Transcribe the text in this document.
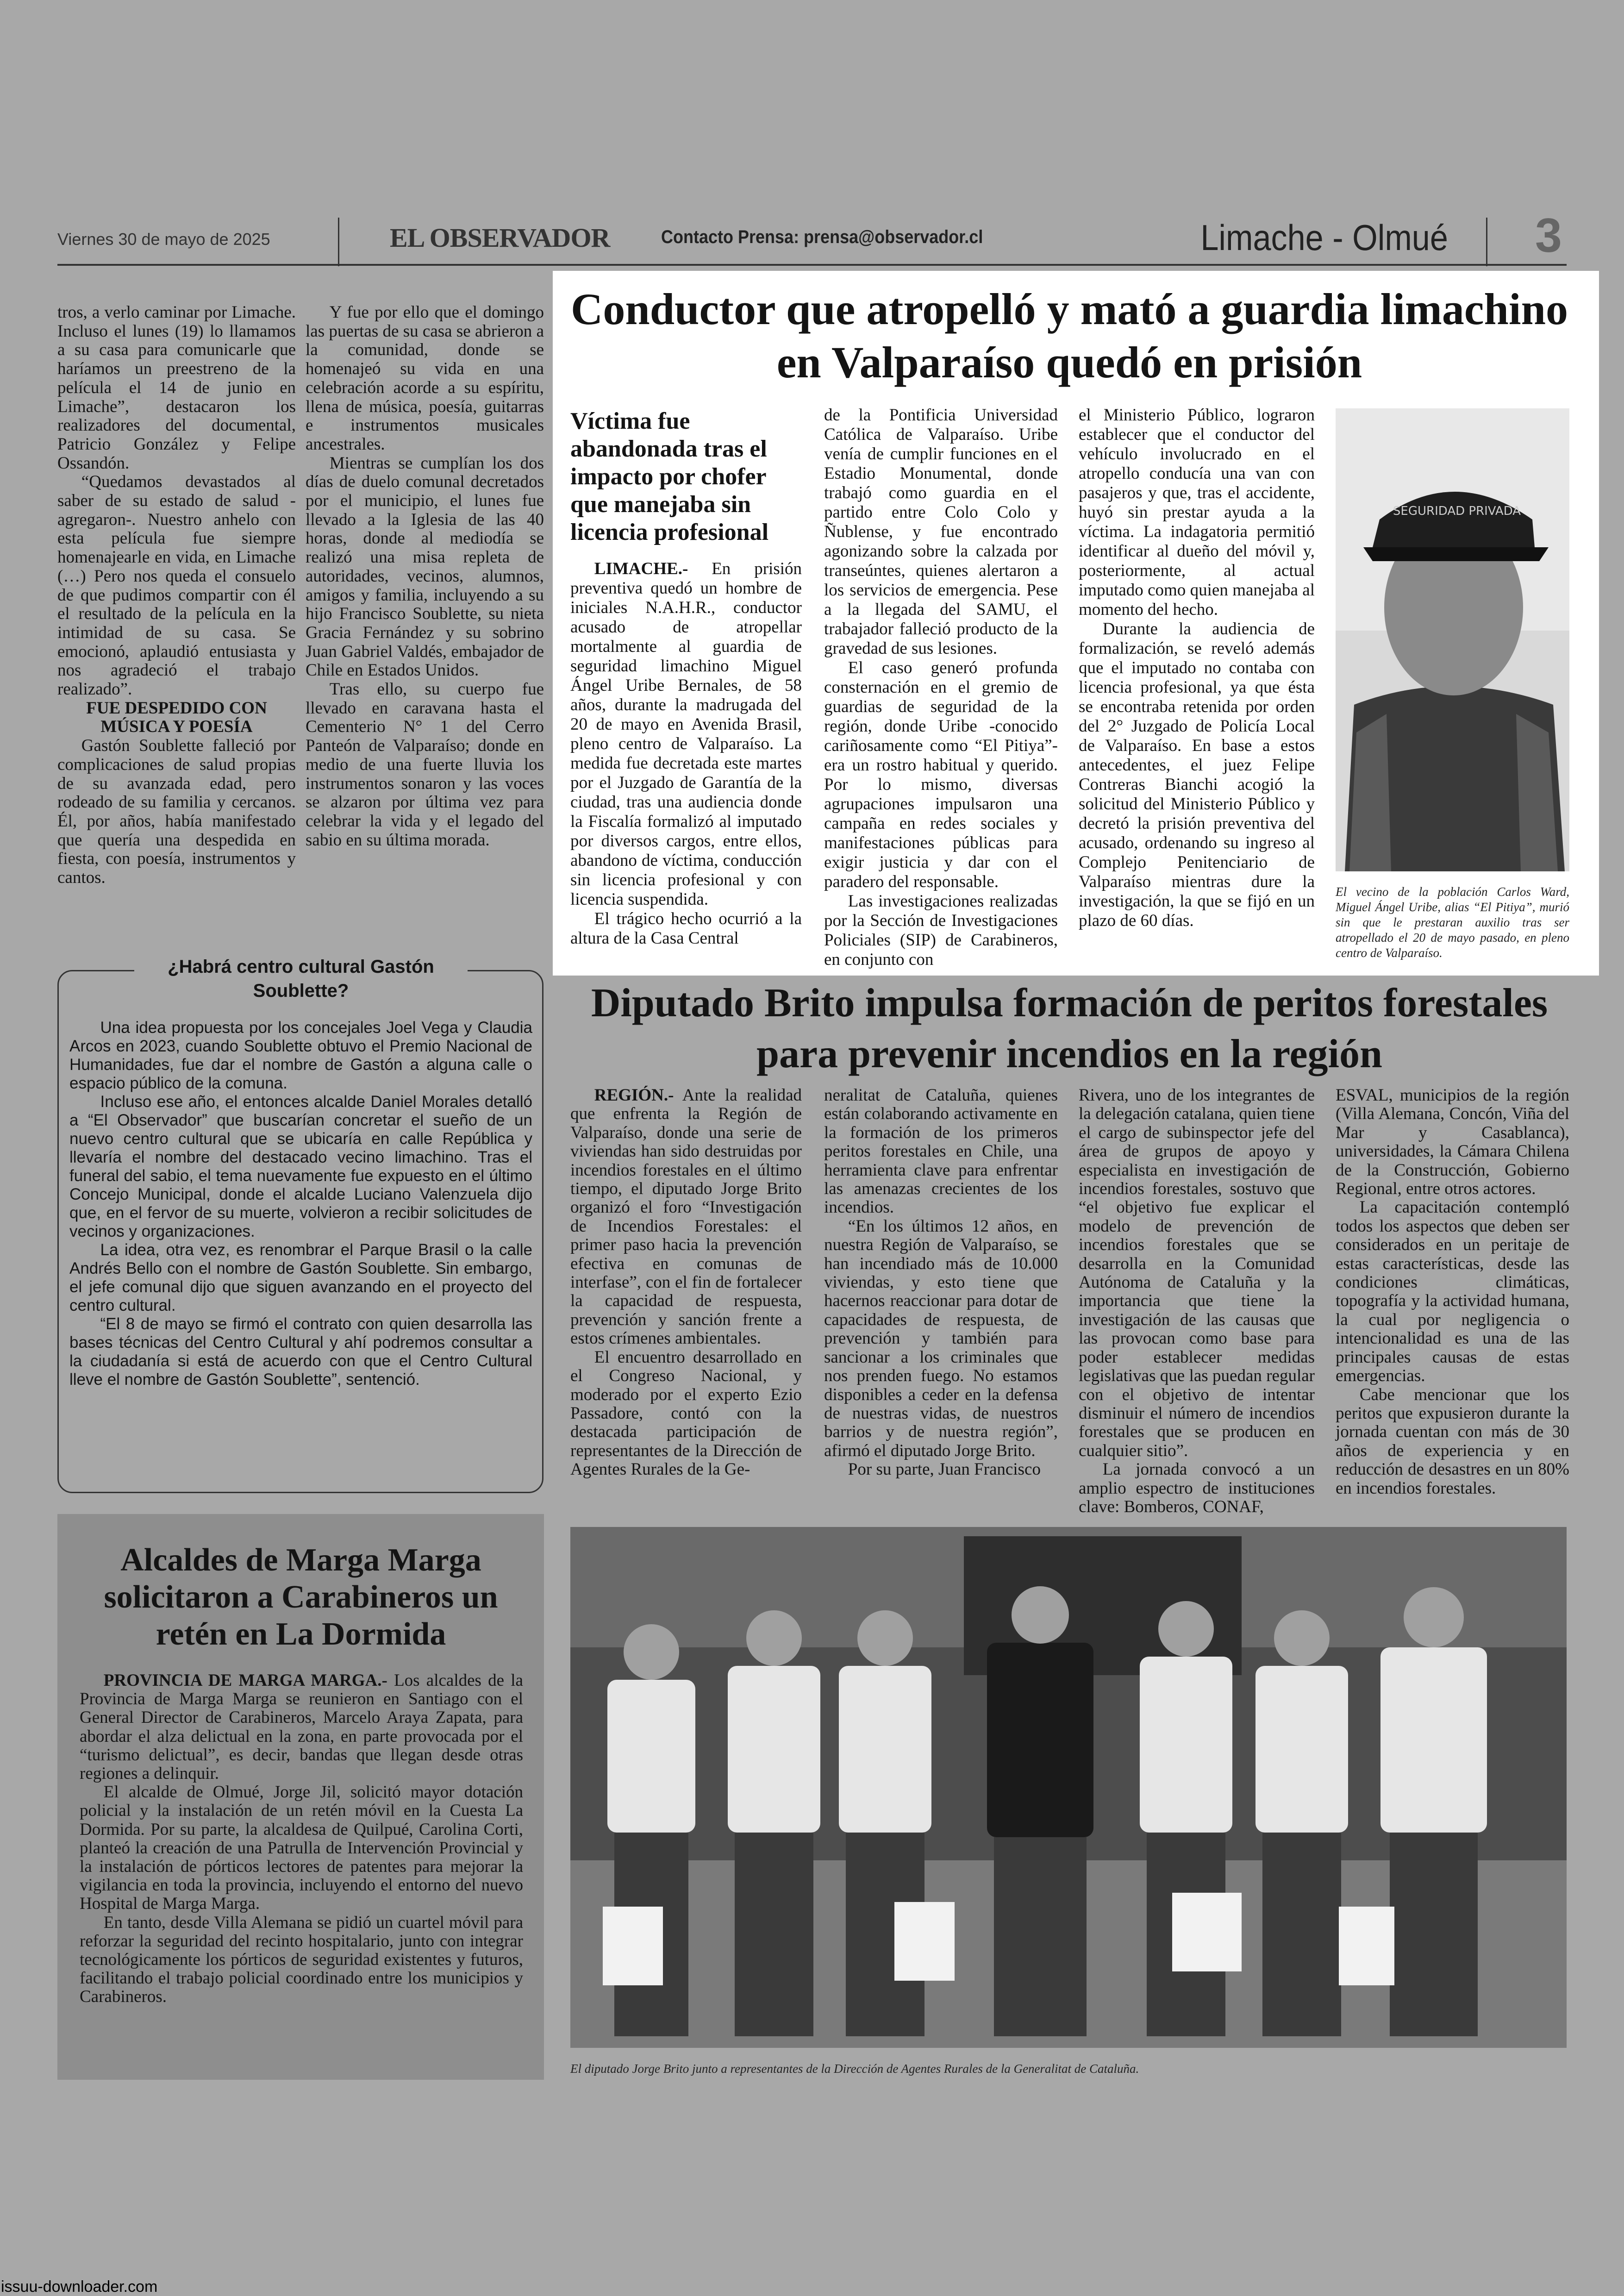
Viernes 30 de mayo de 2025	EL OBSERVADOR	Contacto Prensa: prensa@observador.cl	Limache - Olmué 3

tros, a verlo caminar por Limache. Incluso el lunes (19) lo llamamos a su casa para comunicarle que haríamos un preestreno de la película el 14 de junio en Limache”, destacaron los realizadores del documental, Patricio González y Felipe Ossandón.

“Quedamos devastados al saber de su estado de salud -agregaron-. Nuestro anhelo con esta película fue siempre homenajearle en vida, en Limache (…) Pero nos queda el consuelo de que pudimos compartir con él el resultado de la película en la intimidad de su casa. Se emocionó, aplaudió entusiasta y nos agradeció el trabajo realizado”.

FUE DESPEDIDO CON MÚSICA Y POESÍA

Gastón Soublette falleció por complicaciones de salud propias de su avanzada edad, pero rodeado de su familia y cercanos. Él, por años, había manifestado que quería una despedida en fiesta, con poesía, instrumentos y cantos.

Y fue por ello que el domingo las puertas de su casa se abrieron a la comunidad, donde se homenajeó su vida en una celebración acorde a su espíritu, llena de música, poesía, guitarras e instrumentos musicales ancestrales.

Mientras se cumplían los dos días de duelo comunal decretados por el municipio, el lunes fue llevado a la Iglesia de las 40 horas, donde al mediodía se realizó una misa repleta de autoridades, vecinos, alumnos, amigos y familia, incluyendo a su hijo Francisco Soublette, su nieta Gracia Fernández y su sobrino Juan Gabriel Valdés, embajador de Chile en Estados Unidos.

Tras ello, su cuerpo fue llevado en caravana hasta el Cementerio N° 1 del Cerro Panteón de Valparaíso; donde en medio de una fuerte lluvia los instrumentos sonaron y las voces se alzaron por última vez para celebrar la vida y el legado del sabio en su última morada.

¿Habrá centro cultural Gastón Soublette?

Una idea propuesta por los concejales Joel Vega y Claudia Arcos en 2023, cuando Soublette obtuvo el Premio Nacional de Humanidades, fue dar el nombre de Gastón a alguna calle o espacio público de la comuna.

Incluso ese año, el entonces alcalde Daniel Morales detalló a “El Observador” que buscarían concretar el sueño de un nuevo centro cultural que se ubicaría en calle República y llevaría el nombre del destacado vecino limachino. Tras el funeral del sabio, el tema nuevamente fue expuesto en el último Concejo Municipal, donde el alcalde Luciano Valenzuela dijo que, en el fervor de su muerte, volvieron a recibir solicitudes de vecinos y organizaciones.

La idea, otra vez, es renombrar el Parque Brasil o la calle Andrés Bello con el nombre de Gastón Soublette. Sin embargo, el jefe comunal dijo que siguen avanzando en el proyecto del centro cultural.

“El 8 de mayo se firmó el contrato con quien desarrolla las bases técnicas del Centro Cultural y ahí podremos consultar a la ciudadanía si está de acuerdo con que el Centro Cultural lleve el nombre de Gastón Soublette”, sentenció.

Conductor que atropelló y mató a guardia limachino en Valparaíso quedó en prisión
Víctima fue abandonada tras el impacto por chofer que manejaba sin licencia profesional

LIMACHE.- En prisión preventiva quedó un hombre de iniciales N.A.H.R., conductor acusado de atropellar mortalmente al guardia de seguridad limachino Miguel Ángel Uribe Bernales, de 58 años, durante la madrugada del 20 de mayo en Avenida Brasil, pleno centro de Valparaíso. La medida fue decretada este martes por el Juzgado de Garantía de la ciudad, tras una audiencia donde la Fiscalía formalizó al imputado por diversos cargos, entre ellos, abandono de víctima, conducción sin licencia profesional y con licencia suspendida.

El trágico hecho ocurrió a la altura de la Casa Central

de la Pontificia Universidad Católica de Valparaíso. Uribe venía de cumplir funciones en el Estadio Monumental, donde trabajó como guardia en el partido entre Colo Colo y Ñublense, y fue encontrado agonizando sobre la calzada por transeúntes, quienes alertaron a los servicios de emergencia. Pese a la llegada del SAMU, el trabajador falleció producto de la gravedad de sus lesiones.

El caso generó profunda consternación en el gremio de guardias de seguridad de la región, donde Uribe -conocido cariñosamente como “El Pitiya”- era un rostro habitual y querido. Por lo mismo, diversas agrupaciones impulsaron una campaña en redes sociales y manifestaciones públicas para exigir justicia y dar con el paradero del responsable.

Las investigaciones realizadas por la Sección de Investigaciones Policiales (SIP) de Carabineros, en conjunto con

el Ministerio Público, lograron establecer que el conductor del vehículo involucrado en el atropello conducía una van con pasajeros y que, tras el accidente, huyó sin prestar ayuda a la víctima. La indagatoria permitió identificar al dueño del móvil y, posteriormente, al actual imputado como quien manejaba al momento del hecho.

Durante la audiencia de formalización, se reveló además que el imputado no contaba con licencia profesional, ya que ésta se encontraba retenida por orden del 2° Juzgado de Policía Local de Valparaíso. En base a estos antecedentes, el juez Felipe Contreras Bianchi acogió la solicitud del Ministerio Público y decretó la prisión preventiva del acusado, ordenando su ingreso al Complejo Penitenciario de Valparaíso mientras dure la investigación, la que se fijó en un plazo de 60 días.

SEGURIDAD PRIVADA
El vecino de la población Carlos Ward, Miguel Ángel Uribe, alias “El Pitiya”, murió sin que le prestaran auxilio tras ser atropellado el 20 de mayo pasado, en pleno centro de Valparaíso.
Diputado Brito impulsa formación de peritos forestales para prevenir incendios en la región

REGIÓN.- Ante la realidad que enfrenta la Región de Valparaíso, donde una serie de viviendas han sido destruidas por incendios forestales en el último tiempo, el diputado Jorge Brito organizó el foro “Investigación de Incendios Forestales: el primer paso hacia la prevención efectiva en comunas de interfase”, con el fin de fortalecer la capacidad de respuesta, prevención y sanción frente a estos crímenes ambientales.

El encuentro desarrollado en el Congreso Nacional, y moderado por el experto Ezio Passadore, contó con la destacada participación de representantes de la Dirección de Agentes Rurales de la Ge-

neralitat de Cataluña, quienes están colaborando activamente en la formación de los primeros peritos forestales en Chile, una herramienta clave para enfrentar las amenazas crecientes de los incendios.

“En los últimos 12 años, en nuestra Región de Valparaíso, se han incendiado más de 10.000 viviendas, y esto tiene que hacernos reaccionar para dotar de capacidades de respuesta, de prevención y también para sancionar a los criminales que nos prenden fuego. No estamos disponibles a ceder en la defensa de nuestras vidas, de nuestros barrios y de nuestra región”, afirmó el diputado Jorge Brito.

Por su parte, Juan Francisco

Rivera, uno de los integrantes de la delegación catalana, quien tiene el cargo de subinspector jefe del área de grupos de apoyo y especialista en investigación de incendios forestales, sostuvo que “el objetivo fue explicar el modelo de prevención de incendios forestales que se desarrolla en la Comunidad Autónoma de Cataluña y la importancia que tiene la investigación de las causas que las provocan como base para poder establecer medidas legislativas que las puedan regular con el objetivo de intentar disminuir el número de incendios forestales que se producen en cualquier sitio”.

La jornada convocó a un amplio espectro de instituciones clave: Bomberos, CONAF,

ESVAL, municipios de la región (Villa Alemana, Concón, Viña del Mar y Casablanca), universidades, la Cámara Chilena de la Construcción, Gobierno Regional, entre otros actores.

La capacitación contempló todos los aspectos que deben ser considerados en un peritaje de estas características, desde las condiciones climáticas, topografía y la actividad humana, la cual por negligencia o intencionalidad es una de las principales causas de estas emergencias.

Cabe mencionar que los peritos que expusieron durante la jornada cuentan con más de 30 años de experiencia y en reducción de desastres en un 80% en incendios forestales.

El diputado Jorge Brito junto a representantes de la Dirección de Agentes Rurales de la Generalitat de Cataluña.
Alcaldes de Marga Marga solicitaron a Carabineros un retén en La Dormida

PROVINCIA DE MARGA MARGA.- Los alcaldes de la Provincia de Marga Marga se reunieron en Santiago con el General Director de Carabineros, Marcelo Araya Zapata, para abordar el alza delictual en la zona, en parte provocada por el “turismo delictual”, es decir, bandas que llegan desde otras regiones a delinquir.

El alcalde de Olmué, Jorge Jil, solicitó mayor dotación policial y la instalación de un retén móvil en la Cuesta La Dormida. Por su parte, la alcaldesa de Quilpué, Carolina Corti, planteó la creación de una Patrulla de Intervención Provincial y la instalación de pórticos lectores de patentes para mejorar la vigilancia en toda la provincia, incluyendo el entorno del nuevo Hospital de Marga Marga.

En tanto, desde Villa Alemana se pidió un cuartel móvil para reforzar la seguridad del recinto hospitalario, junto con integrar tecnológicamente los pórticos de seguridad existentes y futuros, facilitando el trabajo policial coordinado entre los municipios y Carabineros.

issuu-downloader.com
